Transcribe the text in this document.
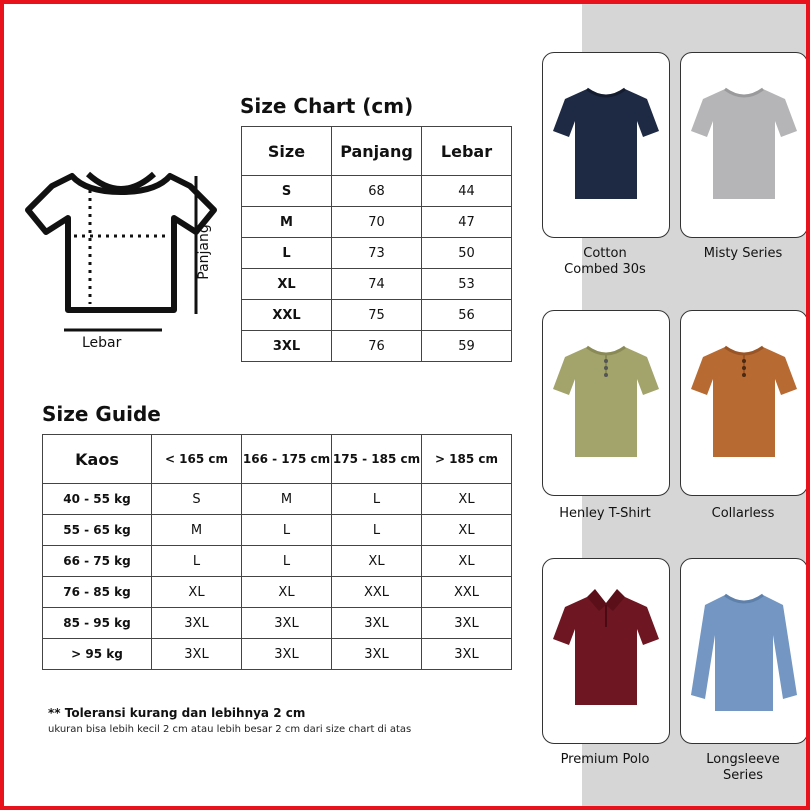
Lebar
Panjang
Size Chart (cm)
Size	Panjang	Lebar
S	68	44
M	70	47
L	73	50
XL	74	53
XXL	75	56
3XL	76	59
Size Guide
Kaos	< 165 cm	166 - 175 cm	175 - 185 cm	> 185 cm
40 - 55 kg	S	M	L	XL
55 - 65 kg	M	L	L	XL
66 - 75 kg	L	L	XL	XL
76 - 85 kg	XL	XL	XXL	XXL
85 - 95 kg	3XL	3XL	3XL	3XL
> 95 kg	3XL	3XL	3XL	3XL
** Toleransi kurang dan lebihnya 2 cm
ukuran bisa lebih kecil 2 cm atau lebih besar 2 cm dari size chart di atas
Cotton
Combed 30s
Misty Series
Henley T-Shirt	Collarless
Premium Polo	Longsleeve
Series
